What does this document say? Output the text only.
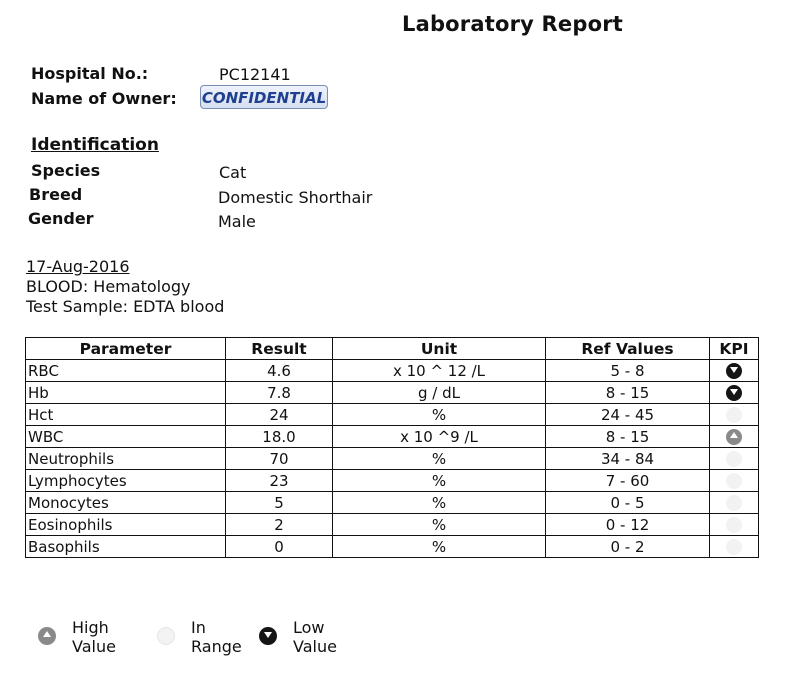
Laboratory Report
Hospital No.:	PC12141
Name of Owner: CONFIDENTIAL
Identification
Species	Cat
Breed	Domestic Shorthair
Gender	Male
17-Aug-2016
BLOOD: Hematology
Test Sample: EDTA blood
Parameter	Result	Unit	Ref Values	KPI
RBC	4.6	x 10 ^ 12 /L	5 - 8	
Hb	7.8	g / dL	8 - 15	
Hct	24	%	24 - 45	
WBC	18.0	x 10 ^9 /L	8 - 15	
Neutrophils	70	%	34 - 84	
Lymphocytes	23	%	7 - 60	
Monocytes	5	%	0 - 5	
Eosinophils	2	%	0 - 12	
Basophils	0	%	0 - 2	
High
Value
In
Range
Low
Value
